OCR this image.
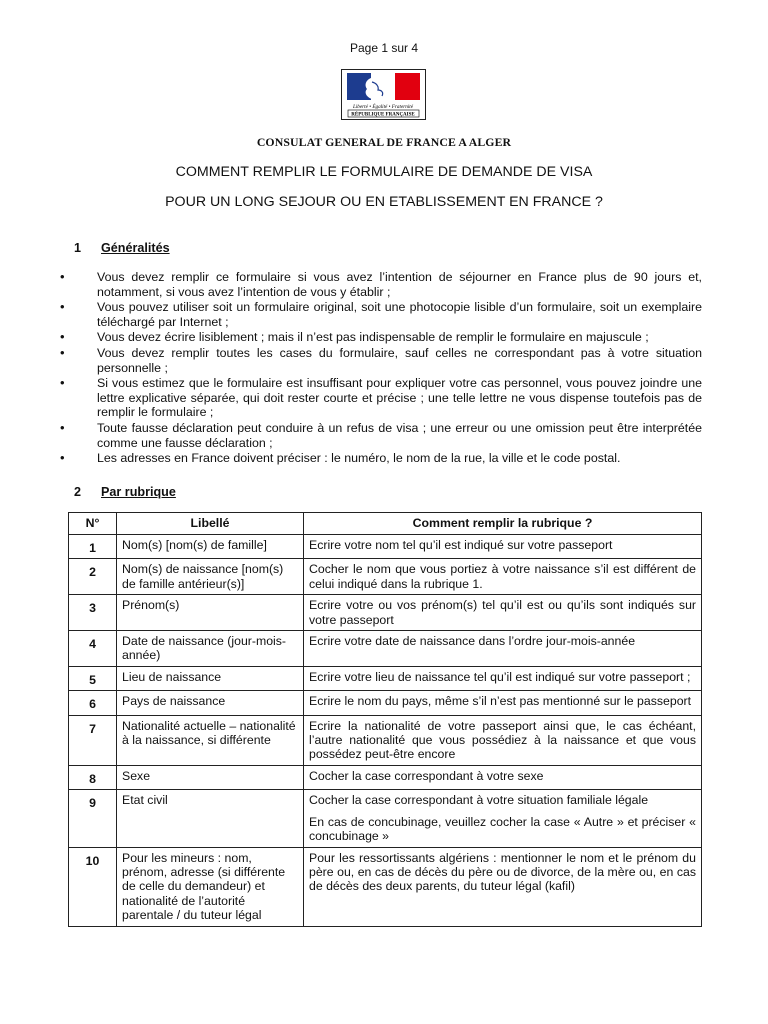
Page 1 sur 4
Liberté • Égalité • Fraternité
RÉPUBLIQUE FRANÇAISE
CONSULAT GENERAL DE FRANCE A ALGER
COMMENT REMPLIR LE FORMULAIRE DE DEMANDE DE VISA
POUR UN LONG SEJOUR OU EN ETABLISSEMENT EN FRANCE ?
1 Généralités
• Vous devez remplir ce formulaire si vous avez l’intention de séjourner en France plus de 90 jours et, notamment, si vous avez l’intention de vous y établir ;
• Vous pouvez utiliser soit un formulaire original, soit une photocopie lisible d’un formulaire, soit un exemplaire téléchargé par Internet ;
• Vous devez écrire lisiblement ; mais il n’est pas indispensable de remplir le formulaire en majuscule ;
• Vous devez remplir toutes les cases du formulaire, sauf celles ne correspondant pas à votre situation personnelle ;
• Si vous estimez que le formulaire est insuffisant pour expliquer votre cas personnel, vous pouvez joindre une lettre explicative séparée, qui doit rester courte et précise ; une telle lettre ne vous dispense toutefois pas de remplir le formulaire ;
• Toute fausse déclaration peut conduire à un refus de visa ; une erreur ou une omission peut être interprétée comme une fausse déclaration ;
• Les adresses en France doivent préciser : le numéro, le nom de la rue, la ville et le code postal.
2 Par rubrique
N°	Libellé	Comment remplir la rubrique ?
1	Nom(s) [nom(s) de famille]	Ecrire votre nom tel qu’il est indiqué sur votre passeport
2	Nom(s) de naissance [nom(s) de famille antérieur(s)]	Cocher le nom que vous portiez à votre naissance s’il est différent de celui indiqué dans la rubrique 1.
3	Prénom(s)	Ecrire votre ou vos prénom(s) tel qu’il est ou qu’ils sont indiqués sur votre passeport
4	Date de naissance (jour-mois-année)	Ecrire votre date de naissance dans l’ordre jour-mois-année
5	Lieu de naissance	Ecrire votre lieu de naissance tel qu’il est indiqué sur votre passeport ;
6	Pays de naissance	Ecrire le nom du pays, même s’il n’est pas mentionné sur le passeport
7	Nationalité actuelle – nationalité à la naissance, si différente	Ecrire la nationalité de votre passeport ainsi que, le cas échéant, l’autre nationalité que vous possédiez à la naissance et que vous possédez peut-être encore
8	Sexe	Cocher la case correspondant à votre sexe
9	Etat civil	Cocher la case correspondant à votre situation familiale légale
En cas de concubinage, veuillez cocher la case « Autre » et préciser « concubinage »
10	Pour les mineurs : nom, prénom, adresse (si différente de celle du demandeur) et nationalité de l’autorité parentale / du tuteur légal	Pour les ressortissants algériens : mentionner le nom et le prénom du père ou, en cas de décès du père ou de divorce, de la mère ou, en cas de décès des deux parents, du tuteur légal (kafil)
